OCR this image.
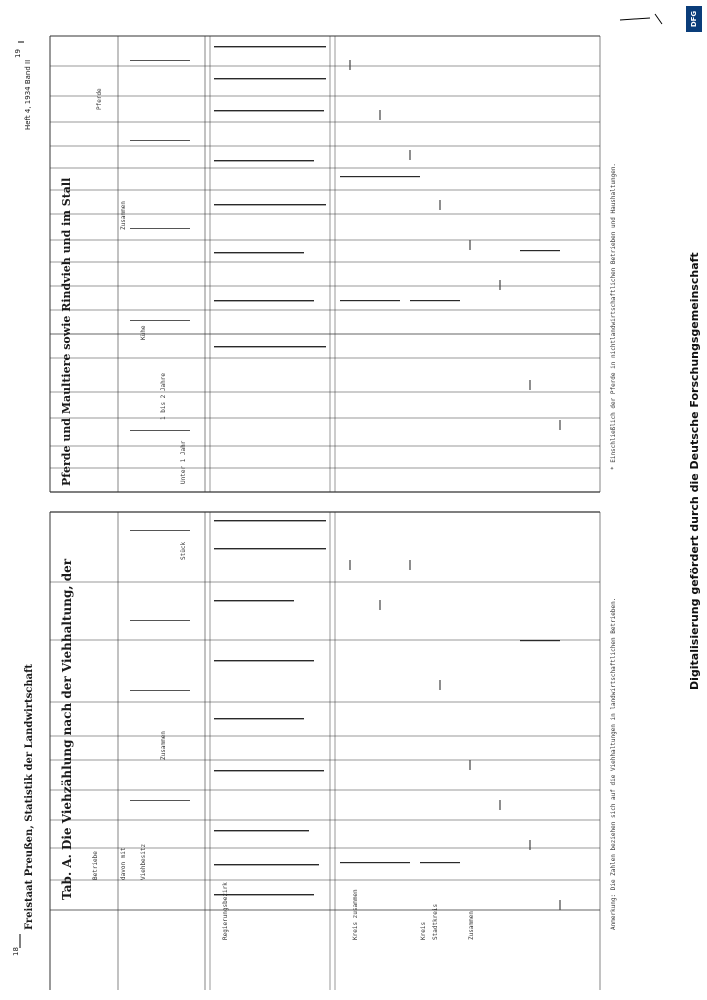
Freistaat Preußen, Statistik der Landwirtschaft Tab. A. Die Viehzählung nach der Viehhaltung, der
Pferde und Maultiere sowie Rindvieh und im Stall
Heft 4, 1934 Band II
18
19
Regierungsbezirk	Kreis zusammen	Kreis Stadtkreis	Zusammen
Betriebe	davon mit Viehbesitz
Zusammen
Stück
Unter 1 Jahr
1 bis 2 Jahre
Kühe
Zusammen
Pferde
Anmerkung: Die Zahlen beziehen sich auf die Viehhaltungen in landwirtschaftlichen Betrieben.
* Einschließlich der Pferde in nichtlandwirtschaftlichen Betrieben und Haushaltungen.
DFG
Digitalisierung gefördert durch die Deutsche Forschungsgemeinschaft
